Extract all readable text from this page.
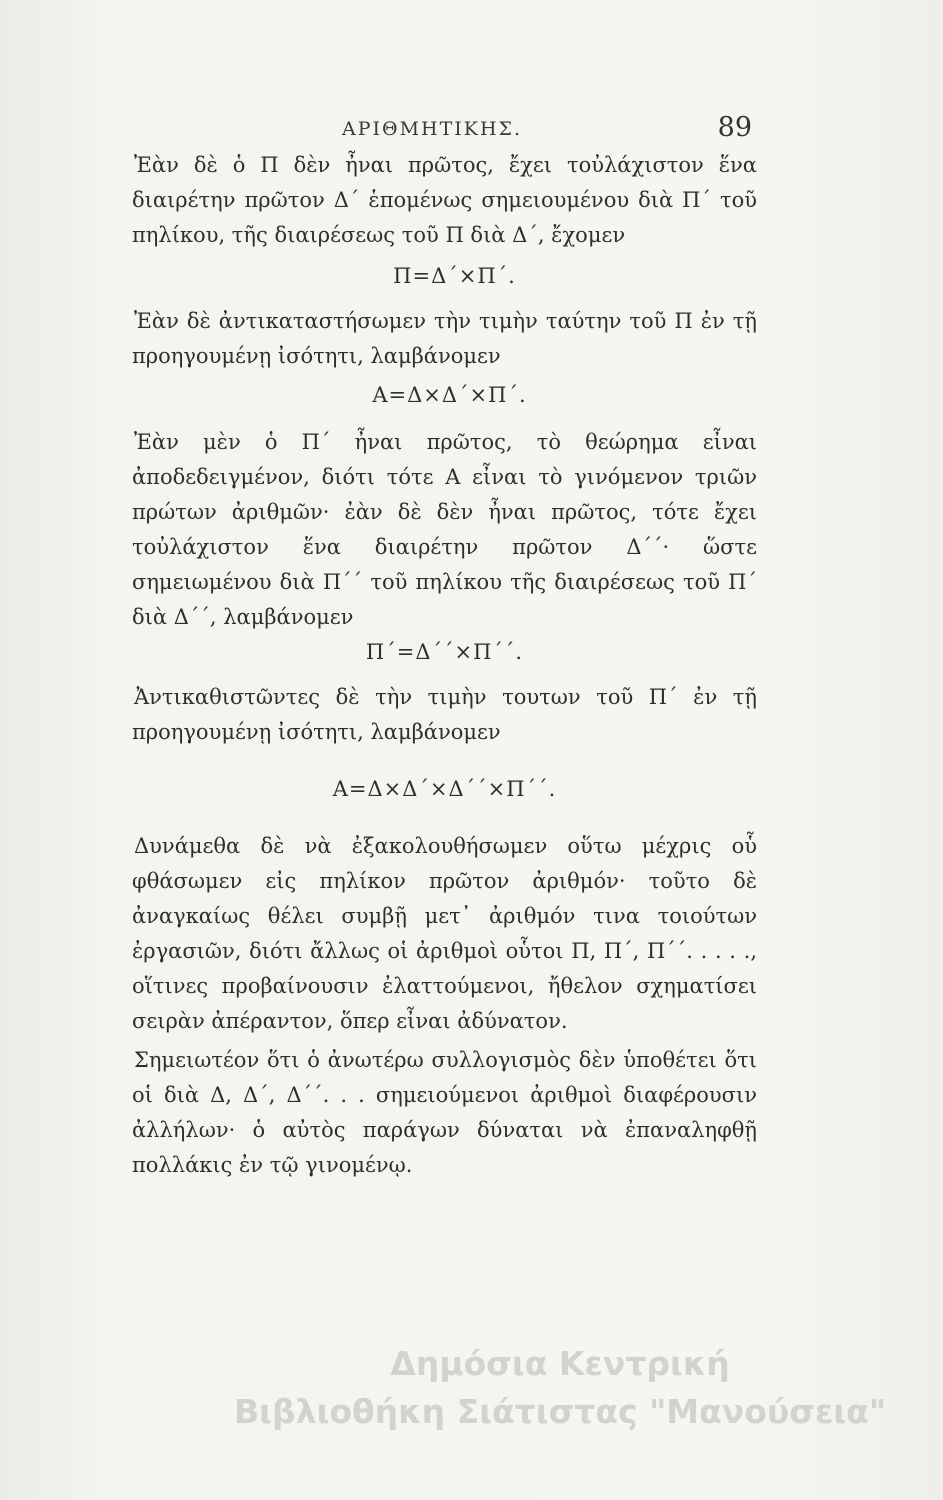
ΑΡΙΘΜΗΤΙΚΗΣ.	89

Ἐὰν δὲ ὁ Π δὲν ἦναι πρῶτος, ἔχει τοὐλάχιστον ἕνα διαιρέτην πρῶτον Δ΄ ἑπομένως σημειουμένου διὰ Π΄ τοῦ πηλίκου, τῆς διαιρέσεως τοῦ Π διὰ Δ΄, ἔχομεν

Π=Δ΄×Π΄.

Ἐὰν δὲ ἀντικαταστήσωμεν τὴν τιμὴν ταύτην τοῦ Π ἐν τῇ προηγουμένῃ ἰσότητι, λαμβάνομεν

Α=Δ×Δ΄×Π΄.

Ἐὰν μὲν ὁ Π΄ ἦναι πρῶτος, τὸ θεώρημα εἶναι ἀποδεδειγμένον, διότι τότε Α εἶναι τὸ γινόμενον τριῶν πρώτων ἀριθμῶν· ἐὰν δὲ δὲν ἦναι πρῶτος, τότε ἔχει τοὐλάχιστον ἕνα διαιρέτην πρῶτον Δ΄΄· ὥστε σημειωμένου διὰ Π΄΄ τοῦ πηλίκου τῆς διαιρέσεως τοῦ Π΄ διὰ Δ΄΄, λαμβάνομεν

Π΄=Δ΄΄×Π΄΄.

Ἀντικαθιστῶντες δὲ τὴν τιμὴν τουτων τοῦ Π΄ ἐν τῇ προηγουμένῃ ἰσότητι, λαμβάνομεν

Α=Δ×Δ΄×Δ΄΄×Π΄΄.

Δυνάμεθα δὲ νὰ ἐξακολουθήσωμεν οὕτω μέχρις οὗ φθάσωμεν εἰς πηλίκον πρῶτον ἀριθμόν· τοῦτο δὲ ἀναγκαίως θέλει συμβῇ μετ᾿ ἀριθμόν τινα τοιούτων ἐργασιῶν, διότι ἄλλως οἱ ἀριθμοὶ οὗτοι Π, Π΄, Π΄΄. . . . ., οἵτινες προβαίνουσιν ἐλαττούμενοι, ἤθελον σχηματίσει σειρὰν ἀπέραντον, ὅπερ εἶναι ἀδύνατον.

Σημειωτέον ὅτι ὁ ἀνωτέρω συλλογισμὸς δὲν ὑποθέτει ὅτι οἱ διὰ Δ, Δ΄, Δ΄΄. . . σημειούμενοι ἀριθμοὶ διαφέρουσιν ἀλλήλων· ὁ αὐτὸς παράγων δύναται νὰ ἐπαναληφθῇ πολλάκις ἐν τῷ γινομένῳ.

Δημόσια Κεντρική
Βιβλιοθήκη Σιάτιστας "Μανούσεια"
